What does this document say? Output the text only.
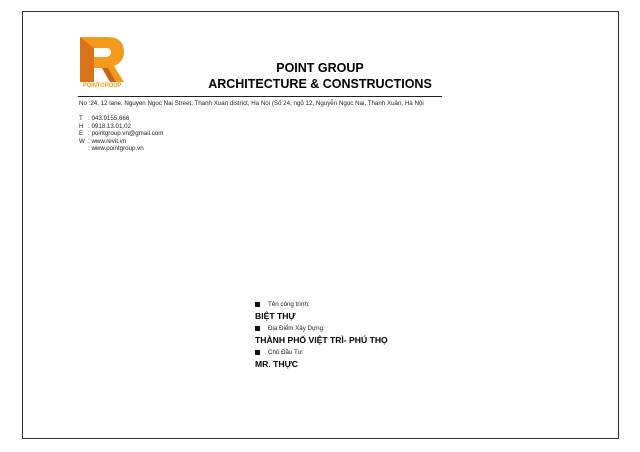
POINTGROUP
POINT GROUP
ARCHITECTURE & CONSTRUCTIONS
No :24, 12 lane, Nguyen Ngoc Nai Street, Thanh Xuan district, Ha Noi (Số 24, ngõ 12, Nguyễn Ngọc Nại, Thanh Xuân, Hà Nội
T : 043.9155.666
H : 0918.13.01.02
E : pointgroup.vn@gmail.com
W : www.revit.vn
: www.pointgroup.vn
Tên công trình:
BIỆT THỰ
Địa Điểm Xây Dựng:
THÀNH PHỐ VIỆT TRÌ- PHÚ THỌ
Chủ Đầu Tư:
MR. THỰC
